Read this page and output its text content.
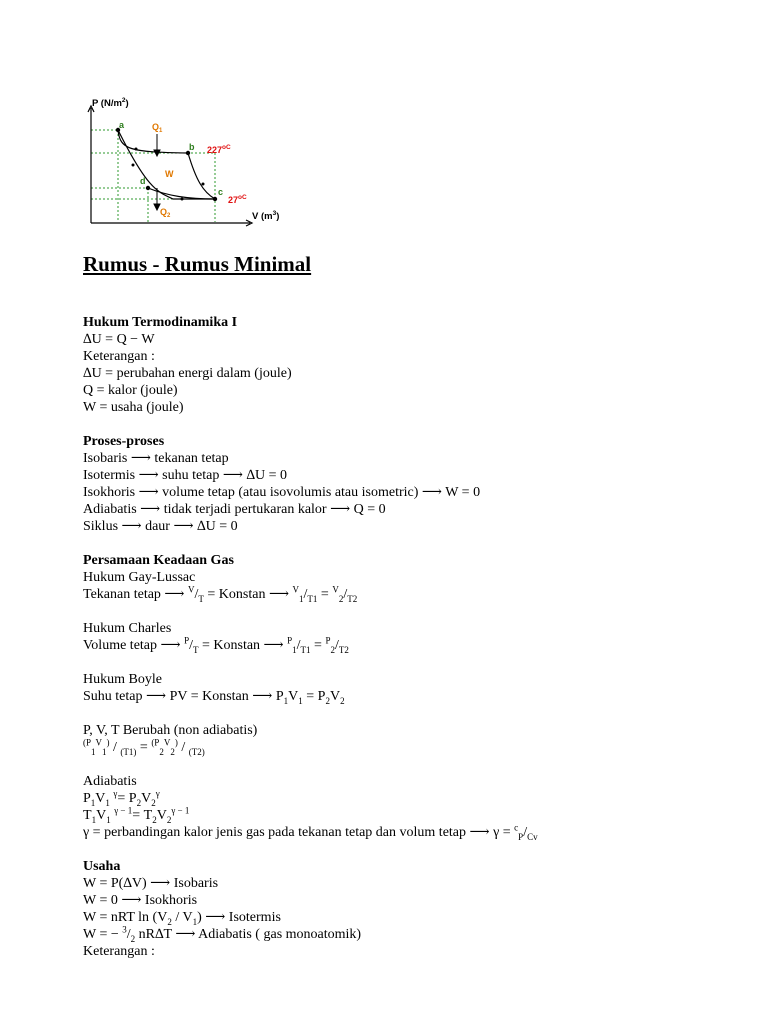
P $(N/m^2)$
V $(m^3)$
a
b
c
d
$Q_1$
$Q_2$
W
$227^{oC}$
$27^{oC}$
Rumus - Rumus Minimal
Hukum Termodinamika I
∆U = Q − W
Keterangan :
∆U = perubahan energi dalam (joule)
Q = kalor (joule)
W = usaha (joule)
Proses-proses
Isobaris ⟶ tekanan tetap
Isotermis ⟶ suhu tetap ⟶ ∆U = 0
Isokhoris ⟶ volume tetap (atau isovolumis atau isometric) ⟶ W = 0
Adiabatis ⟶ tidak terjadi pertukaran kalor ⟶ Q = 0
Siklus ⟶ daur ⟶ ∆U = 0
Persamaan Keadaan Gas
Hukum Gay-Lussac
Tekanan tetap ⟶ $^V/_T$ = Konstan ⟶ $^V_1/_{T1} = ^V_2/_{T2}$
Hukum Charles
Volume tetap ⟶ $^P/_T$ = Konstan ⟶ $^P_1/_{T1} = ^P_2/_{T2}$
Hukum Boyle
Suhu tetap ⟶ PV = Konstan ⟶ $P_1V_1 = P_2V_2$
P, V, T Berubah (non adiabatis)
$^{(P}_1^V_1$) / $_{(T1)}$ = $^{(P}_2^V_2$) / $_{(T2)}$
Adiabatis
$P_1V_1$ $^\gamma= P_2V_2^\gamma$
$T_1V_1$ $^{\gamma - 1}= T_2V_2^{\gamma - 1}$
γ = perbandingan kalor jenis gas pada tekanan tetap dan volum tetap ⟶ $\gamma = ^c_P/_{Cv}$
Usaha
W = P(∆V) ⟶ Isobaris
W = 0 ⟶ Isokhoris
W = nRT $\ln (V_2 / V_1)$ ⟶ Isotermis
W = − $^3/_2$ nR∆T ⟶ Adiabatis ( gas monoatomik)
Keterangan :
